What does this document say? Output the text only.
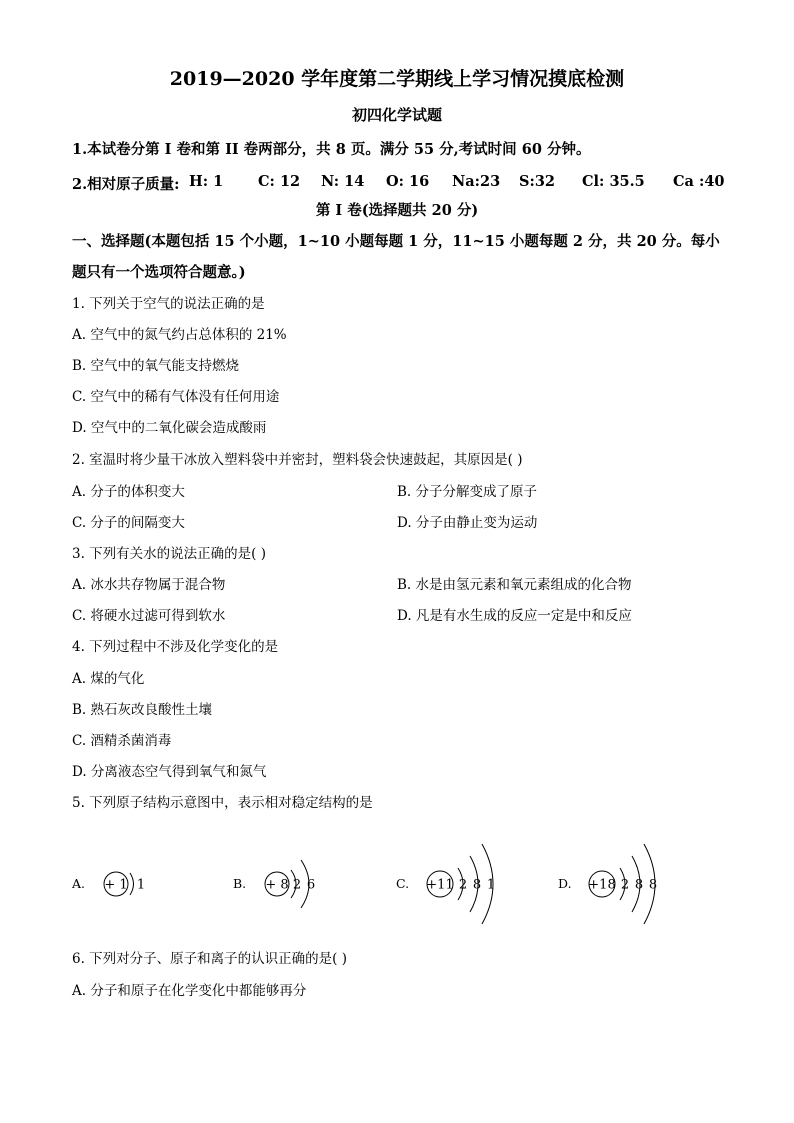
2019—2020 学年度第二学期线上学习情况摸底检测
初四化学试题
1.本试卷分第 I 卷和第 II 卷两部分，共 8 页。满分 55 分,考试时间 60 分钟。
2.相对原子质量: H: 1 C: 12 N: 14 O: 16 Na:23 S:32 Cl: 35.5 Ca :40
第 I 卷(选择题共 20 分)
一、选择题(本题包括 15 个小题，1~10 小题每题 1 分，11~15 小题每题 2 分，共 20 分。每小
题只有一个选项符合题意。)
1. 下列关于空气的说法正确的是
A. 空气中的氮气约占总体积的 21%
B. 空气中的氧气能支持燃烧
C. 空气中的稀有气体没有任何用途
D. 空气中的二氧化碳会造成酸雨
2. 室温时将少量干冰放入塑料袋中并密封，塑料袋会快速鼓起，其原因是( )
A. 分子的体积变大	B. 分子分解变成了原子
C. 分子的间隔变大	D. 分子由静止变为运动
3. 下列有关水的说法正确的是( )
A. 冰水共存物属于混合物	B. 水是由氢元素和氧元素组成的化合物
C. 将硬水过滤可得到软水	D. 凡是有水生成的反应一定是中和反应
4. 下列过程中不涉及化学变化的是
A. 煤的气化
B. 熟石灰改良酸性土壤
C. 酒精杀菌消毒
D. 分离液态空气得到氧气和氮气
5. 下列原子结构示意图中，表示相对稳定结构的是
A. + 1 1	B. + 8 2 6	C. +11 2 8 1	D. +18 2 8 8
6. 下列对分子、原子和离子的认识正确的是( )
A. 分子和原子在化学变化中都能够再分
